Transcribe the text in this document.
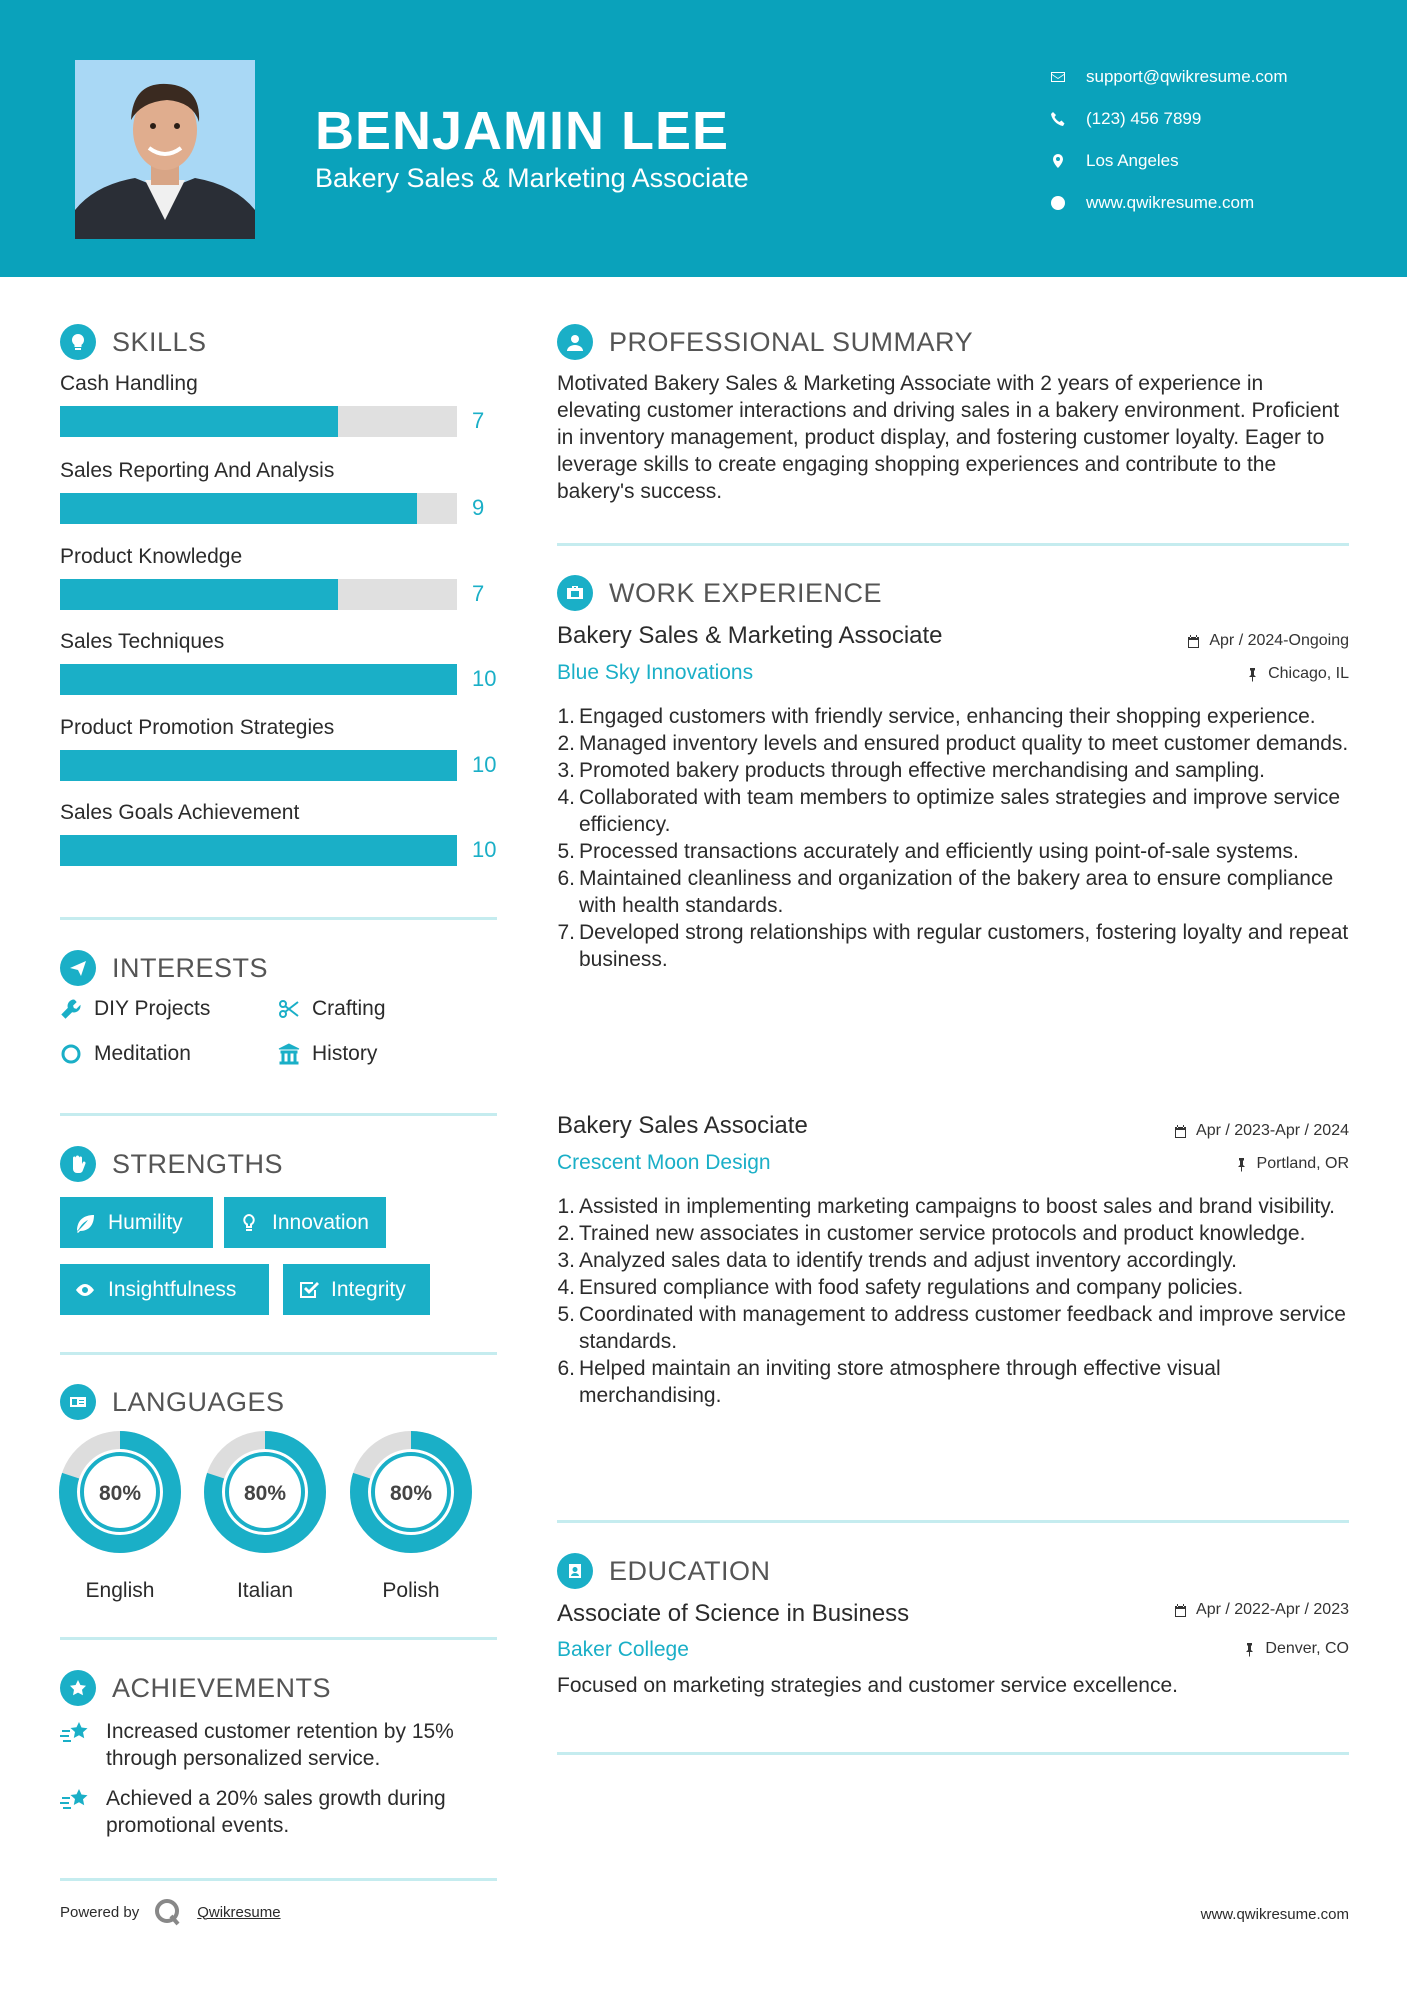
BENJAMIN LEE
Bakery Sales & Marketing Associate
support@qwikresume.com
(123) 456 7899
Los Angeles
www.qwikresume.com
SKILLS
Cash Handling
7
Sales Reporting And Analysis
9
Product Knowledge
7
Sales Techniques
10
Product Promotion Strategies
10
Sales Goals Achievement
10
INTERESTS
DIY Projects	Crafting
Meditation	History
STRENGTHS
Humility	Innovation
Insightfulness	Integrity
LANGUAGES
80%
English
80%
Italian
80%
Polish
ACHIEVEMENTS
Increased customer retention by 15% through personalized service.
Achieved a 20% sales growth during promotional events.
PROFESSIONAL SUMMARY
Motivated Bakery Sales & Marketing Associate with 2 years of experience in elevating customer interactions and driving sales in a bakery environment. Proficient in inventory management, product display, and fostering customer loyalty. Eager to leverage skills to create engaging shopping experiences and contribute to the bakery's success.
WORK EXPERIENCE
Bakery Sales & Marketing Associate	Apr / 2024-Ongoing
Blue Sky Innovations	Chicago, IL
1. Engaged customers with friendly service, enhancing their shopping experience.
2. Managed inventory levels and ensured product quality to meet customer demands.
3. Promoted bakery products through effective merchandising and sampling.
4. Collaborated with team members to optimize sales strategies and improve service efficiency.
5. Processed transactions accurately and efficiently using point-of-sale systems.
6. Maintained cleanliness and organization of the bakery area to ensure compliance with health standards.
7. Developed strong relationships with regular customers, fostering loyalty and repeat business.
Bakery Sales Associate	Apr / 2023-Apr / 2024
Crescent Moon Design	Portland, OR
1. Assisted in implementing marketing campaigns to boost sales and brand visibility.
2. Trained new associates in customer service protocols and product knowledge.
3. Analyzed sales data to identify trends and adjust inventory accordingly.
4. Ensured compliance with food safety regulations and company policies.
5. Coordinated with management to address customer feedback and improve service standards.
6. Helped maintain an inviting store atmosphere through effective visual merchandising.
EDUCATION
Associate of Science in Business	Apr / 2022-Apr / 2023
Baker College	Denver, CO
Focused on marketing strategies and customer service excellence.
Powered by	Qwikresume	www.qwikresume.com
